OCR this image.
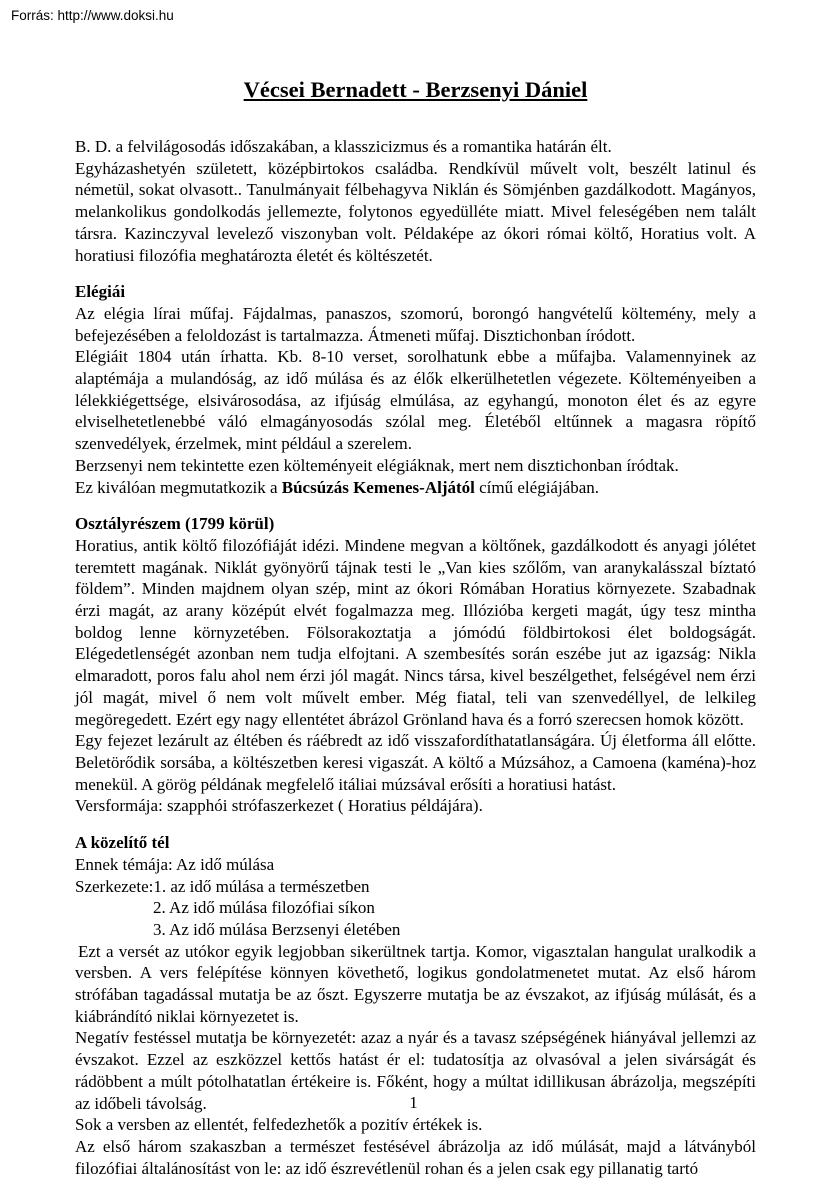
Forrás: http://www.doksi.hu
Vécsei Bernadett - Berzsenyi Dániel

B. D. a felvilágosodás időszakában, a klasszicizmus és a romantika határán élt.

Egyházashetyén született, középbirtokos családba. Rendkívül művelt volt, beszélt latinul és németül, sokat olvasott.. Tanulmányait félbehagyva Niklán és Sömjénben gazdálkodott. Magányos, melankolikus gondolkodás jellemezte, folytonos egyedülléte miatt. Mivel feleségében nem talált társra. Kazinczyval levelező viszonyban volt. Példaképe az ókori római költő, Horatius volt. A horatiusi filozófia meghatározta életét és költészetét.

Elégiái

Az elégia lírai műfaj. Fájdalmas, panaszos, szomorú, borongó hangvételű költemény, mely a befejezésében a feloldozást is tartalmazza. Átmeneti műfaj. Disztichonban íródott.

Elégiáit 1804 után írhatta. Kb. 8-10 verset, sorolhatunk ebbe a műfajba. Valamennyinek az alaptémája a mulandóság, az idő múlása és az élők elkerülhetetlen végezete. Költeményeiben a lélekkiégettsége, elsivárosodása, az ifjúság elmúlása, az egyhangú, monoton élet és az egyre elviselhetetlenebbé váló elmagányosodás szólal meg. Életéből eltűnnek a magasra röpítő szenvedélyek, érzelmek, mint például a szerelem.

Berzsenyi nem tekintette ezen költeményeit elégiáknak, mert nem disztichonban íródtak.

Ez kiválóan megmutatkozik a Búcsúzás Kemenes-Aljától című elégiájában.

Osztályrészem (1799 körül)

Horatius, antik költő filozófiáját idézi. Mindene megvan a költőnek, gazdálkodott és anyagi jólétet teremtett magának. Niklát gyönyörű tájnak testi le „Van kies szőlőm, van aranykalásszal bíztató földem”. Minden majdnem olyan szép, mint az ókori Rómában Horatius környezete. Szabadnak érzi magát, az arany középút elvét fogalmazza meg. Illózióba kergeti magát, úgy tesz mintha boldog lenne környzetében. Fölsorakoztatja a jómódú földbirtokosi élet boldogságát. Elégedetlenségét azonban nem tudja elfojtani. A szembesítés során eszébe jut az igazság: Nikla elmaradott, poros falu ahol nem érzi jól magát. Nincs társa, kivel beszélgethet, felségével nem érzi jól magát, mivel ő nem volt művelt ember. Még fiatal, teli van szenvedéllyel, de lelkileg megöregedett. Ezért egy nagy ellentétet ábrázol Grönland hava és a forró szerecsen homok között.

Egy fejezet lezárult az éltében és ráébredt az idő visszafordíthatatlanságára. Új életforma áll előtte. Beletörődik sorsába, a költészetben keresi vigaszát. A költő a Múzsához, a Camoena (kaména)-hoz menekül. A görög példának megfelelő itáliai múzsával erősíti a horatiusi hatást.

Versformája: szapphói strófaszerkezet ( Horatius példájára).

A közelítő tél

Ennek témája: Az idő múlása

Szerkezete:1. az idő múlása a természetben
2. Az idő múlása filozófiai síkon
3. Az idő múlása Berzsenyi életében

Ezt a versét az utókor egyik legjobban sikerültnek tartja. Komor, vigasztalan hangulat uralkodik a versben. A vers felépítése könnyen követhető, logikus gondolatmenetet mutat. Az első három strófában tagadással mutatja be az őszt. Egyszerre mutatja be az évszakot, az ifjúság múlását, és a kiábrándító niklai környezetet is.

Negatív festéssel mutatja be környezetét: azaz a nyár és a tavasz szépségének hiányával jellemzi az évszakot. Ezzel az eszközzel kettős hatást ér el: tudatosítja az olvasóval a jelen sivárságát és rádöbbent a múlt pótolhatatlan értékeire is. Főként, hogy a múltat idillikusan ábrázolja, megszépíti az időbeli távolság.

Sok a versben az ellentét, felfedezhetők a pozitív értékek is.

Az első három szakaszban a természet festésével ábrázolja az idő múlását, majd a látványból filozófiai általánosítást von le: az idő észrevétlenül rohan és a jelen csak egy pillanatig tartó

1
